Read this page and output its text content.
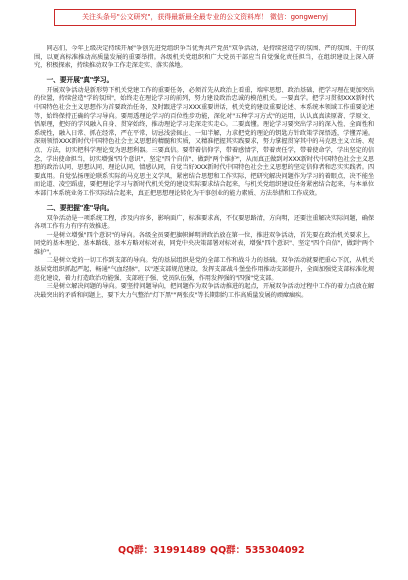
关注头条号"公文研究"，获得最新最全最专业的公文资料库！ 微信：gongwenyj

同志们，今年上级决定持续开展"争创先进党组织争当优秀共产党员"双争活动，是持续营造学的氛围、严的氛围、干的氛围，以更高标准推动高质量发展的重要举措。各级机关党组织和广大党员干部应当自觉强化责任担当，在组织建设上深入研究，积极探索，持续推动双争工作走深走实、落实落地。

一、要开展"真"学习。

开展双争活动是新形势下机关党建工作的重要任务，必须首先从政治上看重，端牢思想、政治基础，把学习理在更加突出的位置，持续营造"学的氛围"，始终走在理论学习的前列，努力建设政治忠诚的模范机关。一要真学。把学习贯彻XXX新时代中国特色社会主义思想作为首要政治任务，及时跟进学习XXX重要讲话，机关党的建设重要论述、本系统本领域工作重要论述等，始终保持正确的学习导向。要用透理论学习的百位性步功能，深化对"五种学习方式"的运用，认认真真读原著、学原文、悟原理，把好的学风融入自身、贯穿始终，推动理论学习走深走实走心。二要真懂。理论学习要突出学习的深入性、全面性和系统性，融入日常、抓在经常，严在平常，切忌浅尝辄止、一知半解，力求把党的理论的钥匙方针政策学深悟透，学懂弄通。深刻领悟XXX新时代中国特色社会主义思想的精髓和实质，又精准把握其实践要求，努力掌握贯穿其中的马克思主义立场、观点、方法，切实把科学理论变为思想利器。三要真信。要带着信仰学，带着感情学，带着责任学，带着使命学，学出坚定的信念，学出使命担当，切实增强"四个意识"、坚定"四个自信"、做到"两个维护"，从而真正做到对XXX新时代中国特色社会主义思想的政治认同、思想认同、理论认同，情感认同，自觉当好XXX新时代中国特色社会主义思想的坚定信仰者和忠实实践者。四要真用。自觉弘扬理论联系实际的马克思主义学风，紧密结合思想和工作实际，把研究解决问题作为学习的着眼点，决不能坐而论道、凌空蹈虚，要把理论学习与新时代机关党的建设实际要求结合起来，与机关党组织建设任务紧密结合起来，与本单位本部门本系统业务工作实际结合起来，真正把思想理论转化为干事创业的能力素质、方法举措和工作成效。

二、要把握"准"导向。

双争活动是一项系统工程，涉及内容多，影响面广，标准要求高，不仅要思路清，方向明，还要注重解决实际问题，确保各项工作有力有序有效推进。

一是树立增强"四个意识"的导向。各级全员要把旗帜鲜明讲政治放在第一位，推进双争活动，首先要在政治机关要求上，同党的基本理论、基本路线、基本方略对标对表，同党中央决策部署对标对表，增强"四个意识"、坚定"四个自信"，做到"两个维护"。

二是树立党的一切工作到支部的导向。党的基层组织是党的全部工作和战斗力的基础。双争活动就要把重心下沉，从机关基层党组织抓起严起，畅通"气血经脉"，以"逐支部规范建设，发挥支部战斗堡垒作用推动支部提升，全面加强党支部标准化规范化建设，着力打造政治功能强、支部班子强、党员队伍强，作用发挥强的"四强"党支部。

三是树立解决问题的导向。要坚持问题导向，把问题作为双争活动推进的起点，开展双争活动过程中工作的着力点放在解决最突出的矛盾和问题上，要下大力气整治"灯下黑""两张皮"等长期制约工作高质量发展的顽瘴痼疾。

QQ群：31991489 QQ群：535304092
